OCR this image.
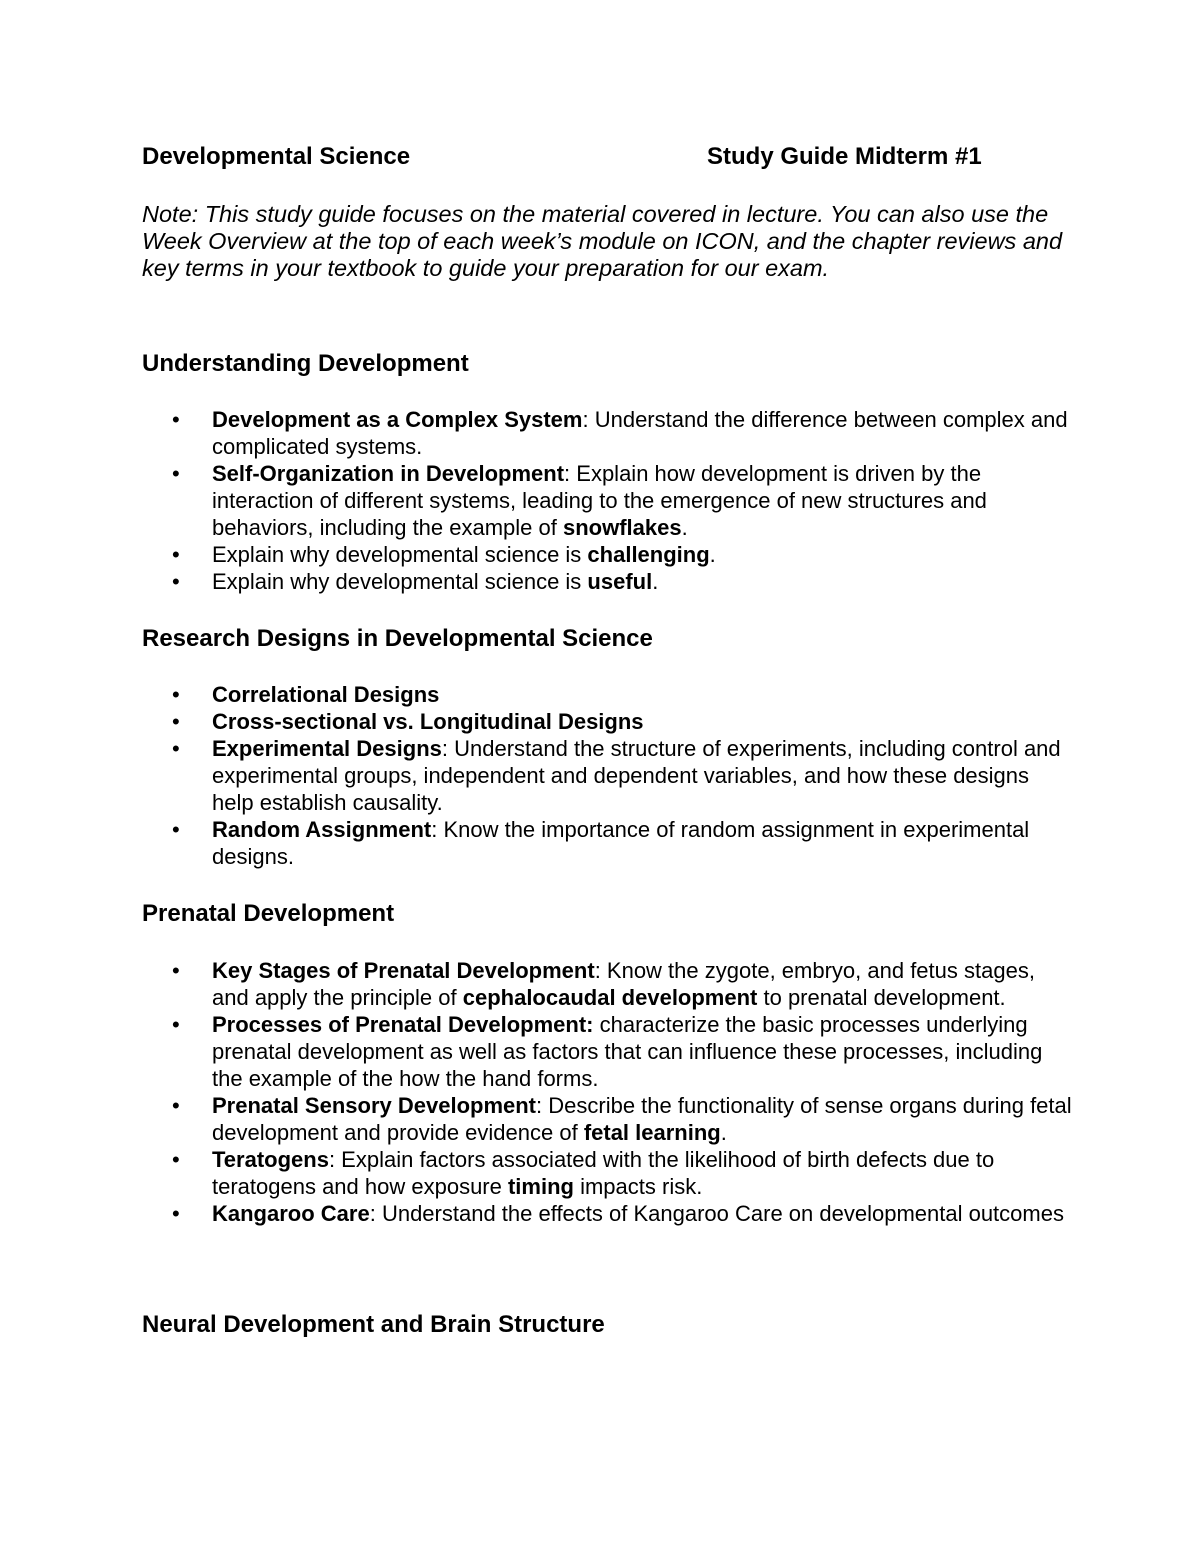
Developmental Science	Study Guide Midterm #1
Note: This study guide focuses on the material covered in lecture. You can also use the Week Overview at the top of each week’s module on ICON, and the chapter reviews and key terms in your textbook to guide your preparation for our exam.
Understanding Development
• Development as a Complex System: Understand the difference between complex and complicated systems.
• Self-Organization in Development: Explain how development is driven by the interaction of different systems, leading to the emergence of new structures and behaviors, including the example of snowflakes.
• Explain why developmental science is challenging.
• Explain why developmental science is useful.
Research Designs in Developmental Science
• Correlational Designs
• Cross-sectional vs. Longitudinal Designs
• Experimental Designs: Understand the structure of experiments, including control and experimental groups, independent and dependent variables, and how these designs help establish causality.
• Random Assignment: Know the importance of random assignment in experimental designs.
Prenatal Development
• Key Stages of Prenatal Development: Know the zygote, embryo, and fetus stages, and apply the principle of cephalocaudal development to prenatal development.
• Processes of Prenatal Development: characterize the basic processes underlying prenatal development as well as factors that can influence these processes, including the example of the how the hand forms.
• Prenatal Sensory Development: Describe the functionality of sense organs during fetal development and provide evidence of fetal learning.
• Teratogens: Explain factors associated with the likelihood of birth defects due to teratogens and how exposure timing impacts risk.
• Kangaroo Care: Understand the effects of Kangaroo Care on developmental outcomes
Neural Development and Brain Structure
